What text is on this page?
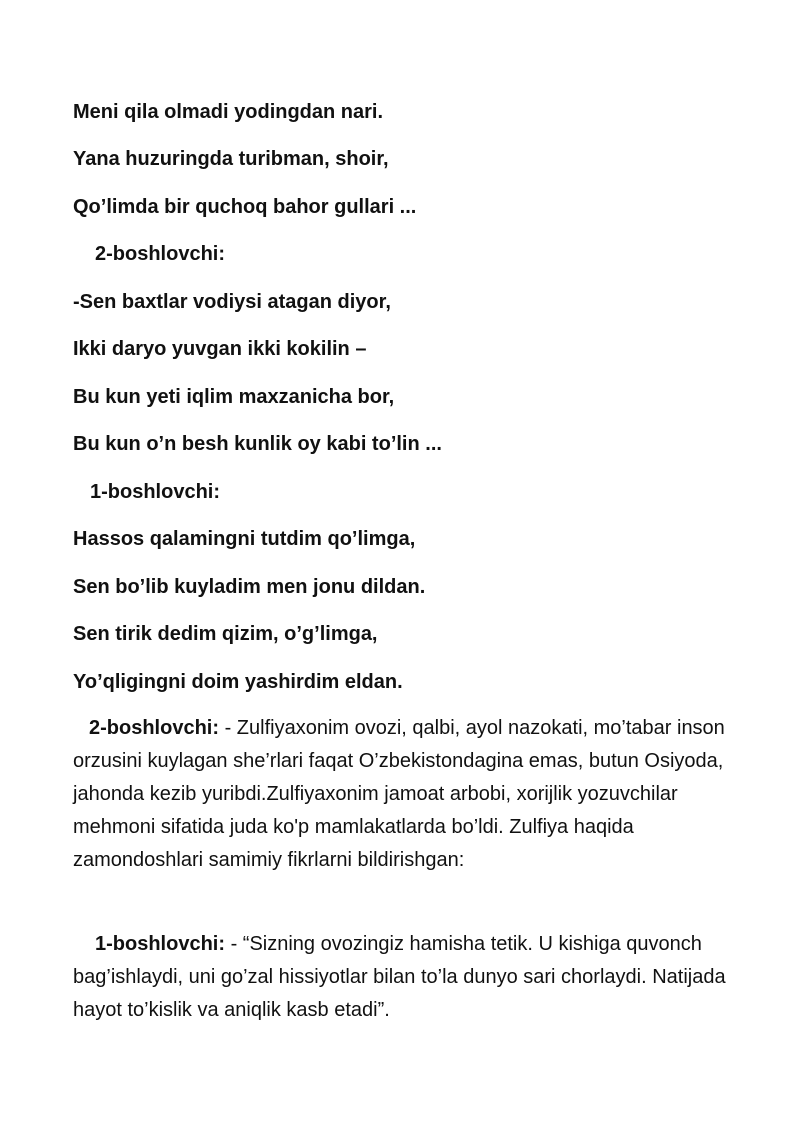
Meni qila olmadi yodingdan nari.
Yana huzuringda turibman, shoir,
Qo’limda bir quchoq bahor gullari ...
2-boshlovchi:
-Sen baxtlar vodiysi atagan diyor,
Ikki daryo yuvgan ikki kokilin –
Bu kun yeti iqlim maxzanicha bor,
Bu kun o’n besh kunlik oy kabi to’lin ...
1-boshlovchi:
Hassos qalamingni tutdim qo’limga,
Sen bo’lib kuyladim men jonu dildan.
Sen tirik dedim qizim, o’g’limga,
Yo’qligingni doim yashirdim eldan.
2-boshlovchi: - Zulfiyaxonim ovozi, qalbi, ayol nazokati, mo’tabar inson orzusini kuylagan she’rlari faqat O’zbekistondagina emas, butun Osiyoda, jahonda kezib yuribdi.Zulfiyaxonim jamoat arbobi, xorijlik yozuvchilar mehmoni sifatida juda ko'p mamlakatlarda bo’ldi. Zulfiya haqida zamondoshlari samimiy fikrlarni bildirishgan:
1-boshlovchi: - “Sizning ovozingiz hamisha tetik. U kishiga quvonch bag’ishlaydi, uni go’zal hissiyotlar bilan to’la dunyo sari chorlaydi. Natijada hayot to’kislik va aniqlik kasb etadi”.
